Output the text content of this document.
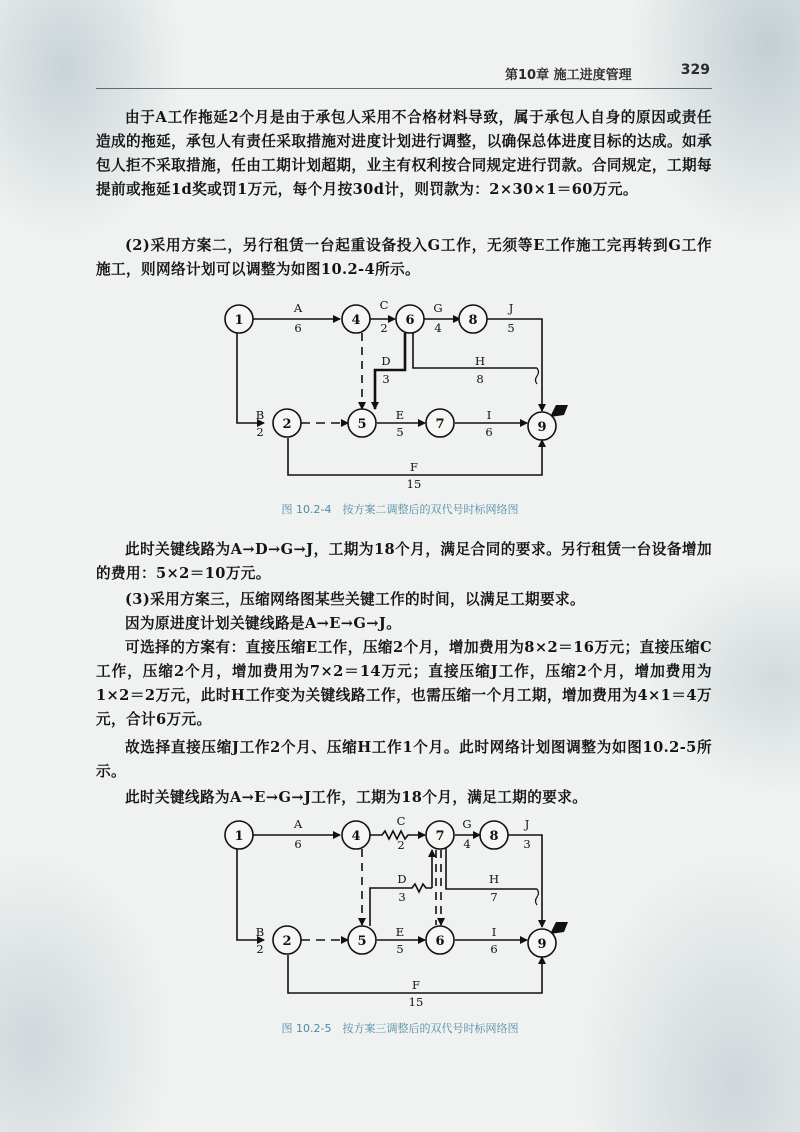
第10章 施工进度管理	329

由于A工作拖延2个月是由于承包人采用不合格材料导致，属于承包人自身的原因或责任造成的拖延，承包人有责任采取措施对进度计划进行调整，以确保总体进度目标的达成。如承包人拒不采取措施，任由工期计划超期，业主有权利按合同规定进行罚款。合同规定，工期每提前或拖延1d奖或罚1万元，每个月按30d计，则罚款为：2×30×1＝60万元。

(2)采用方案二，另行租赁一台起重设备投入G工作，无须等E工作施工完再转到G工作施工，则网络计划可以调整为如图10.2-4所示。

1	4	6	8
2	5	7	9
A
6
C
2
G
4
J
5
D
3
H
8
B
2
E
5
I
6
F
15
图 10.2-4　按方案二调整后的双代号时标网络图

此时关键线路为A→D→G→J，工期为18个月，满足合同的要求。另行租赁一台设备增加的费用：5×2＝10万元。

(3)采用方案三，压缩网络图某些关键工作的时间，以满足工期要求。

因为原进度计划关键线路是A→E→G→J。

可选择的方案有：直接压缩E工作，压缩2个月，增加费用为8×2＝16万元；直接压缩C工作，压缩2个月，增加费用为7×2＝14万元；直接压缩J工作，压缩2个月，增加费用为1×2＝2万元，此时H工作变为关键线路工作，也需压缩一个月工期，增加费用为4×1＝4万元，合计6万元。

故选择直接压缩J工作2个月、压缩H工作1个月。此时网络计划图调整为如图10.2-5所示。

此时关键线路为A→E→G→J工作，工期为18个月，满足工期的要求。

1	4	7	8
2	5	6	9
A
6
C
2
G
4
J
3
D
3
H
7
B
2
E
5
I
6
F
15
图 10.2-5　按方案三调整后的双代号时标网络图
